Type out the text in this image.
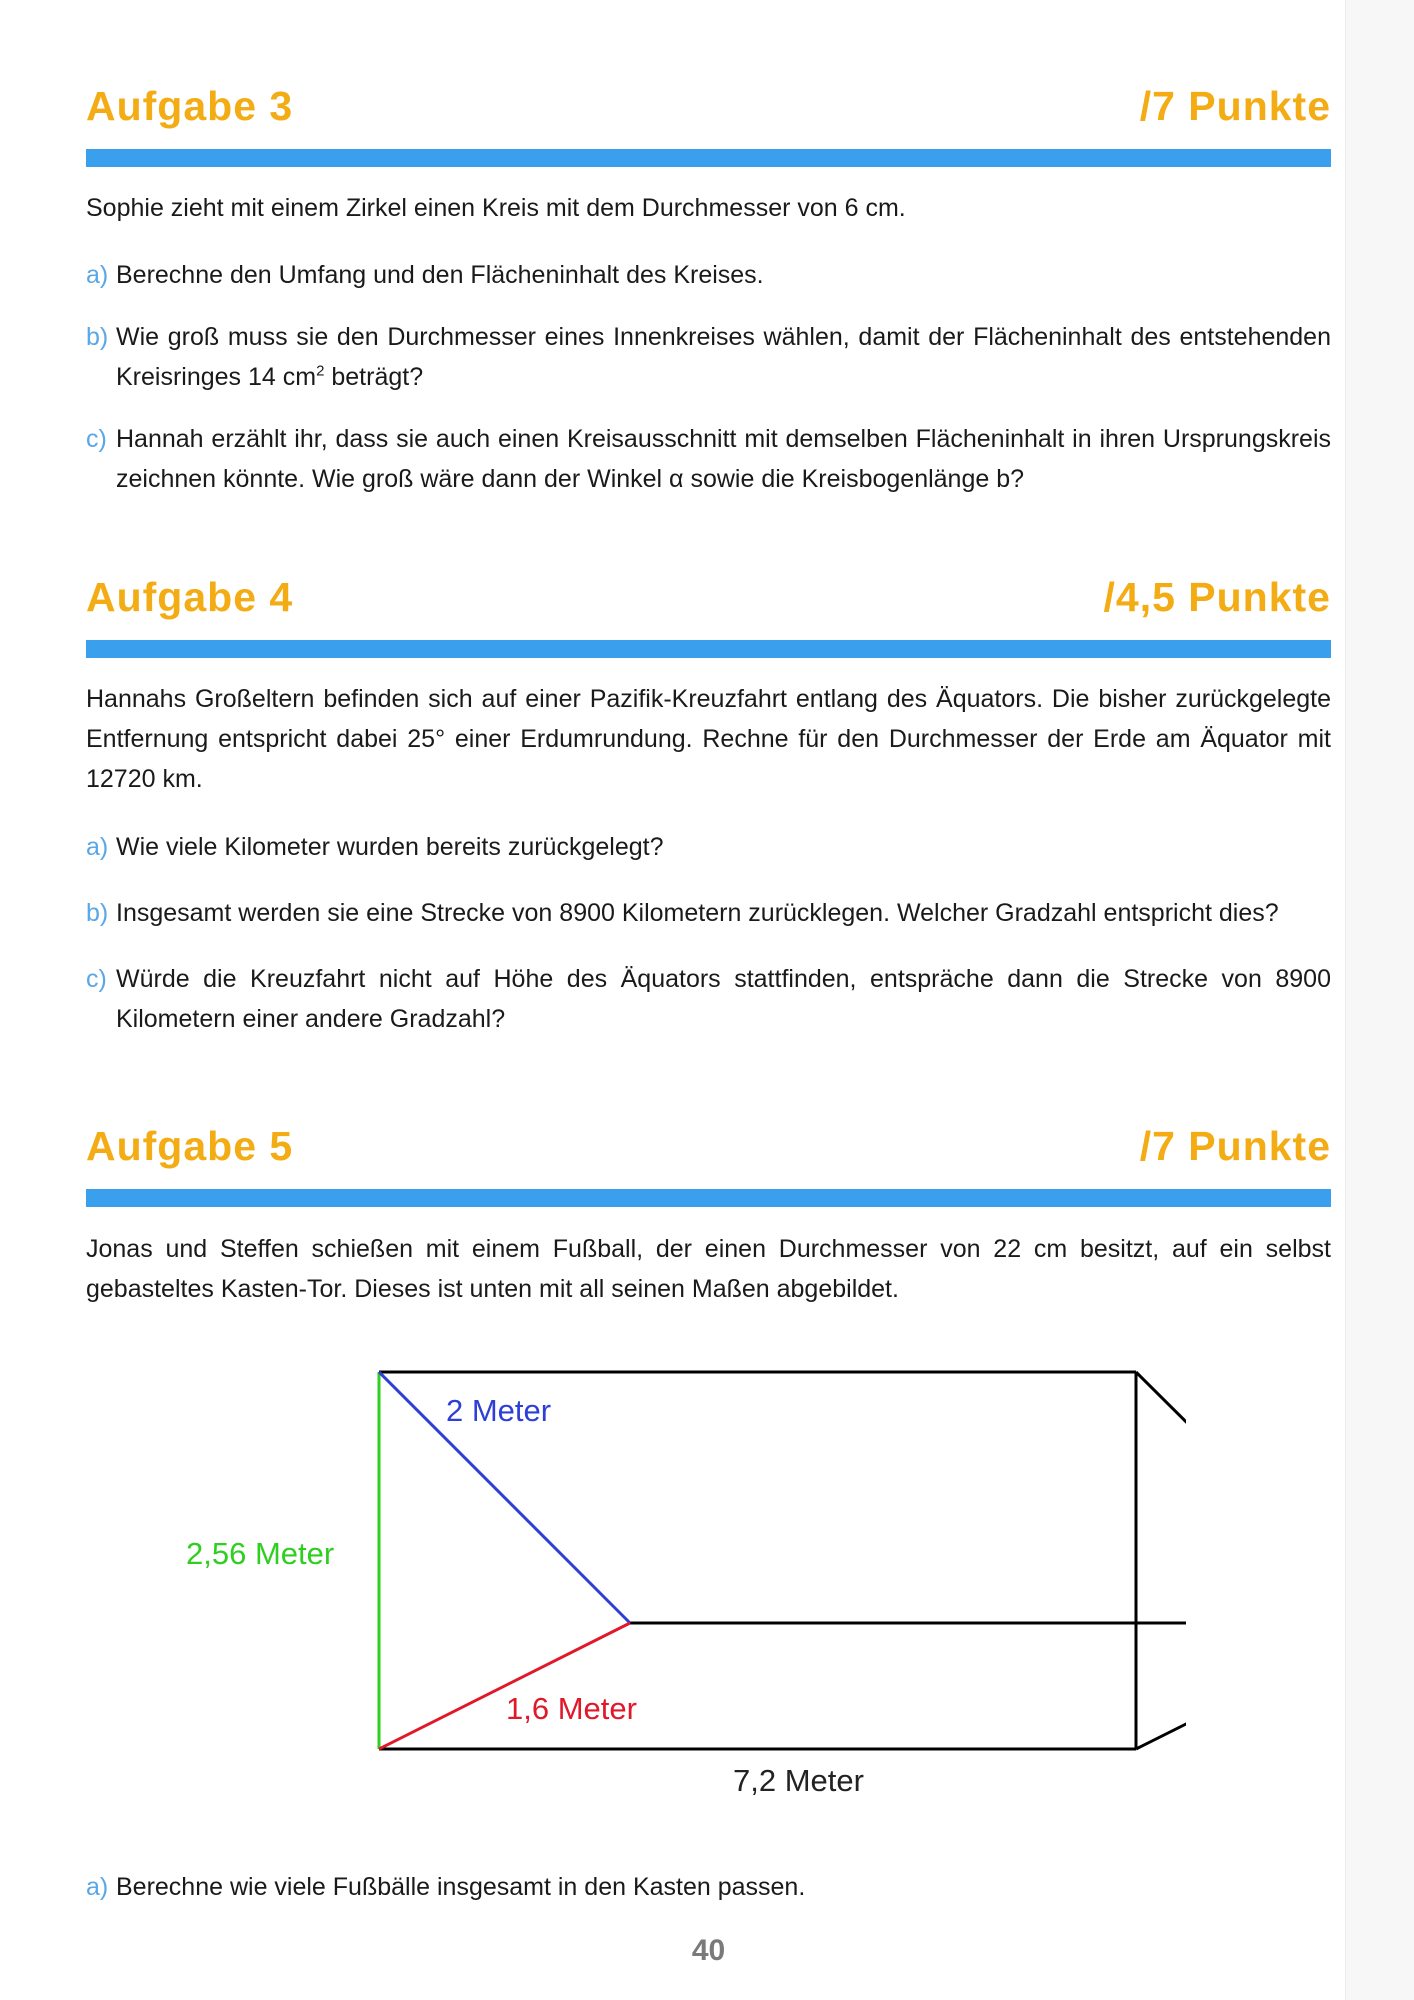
Aufgabe 3	/7 Punkte
Sophie zieht mit einem Zirkel einen Kreis mit dem Durchmesser von 6 cm.
a) Berechne den Umfang und den Flächeninhalt des Kreises.
b) Wie groß muss sie den Durchmesser eines Innenkreises wählen, damit der Flächeninhalt des entstehenden Kreisringes 14 $cm^2$ beträgt?
c) Hannah erzählt ihr, dass sie auch einen Kreisausschnitt mit demselben Flächeninhalt in ihren Ursprungskreis zeichnen könnte. Wie groß wäre dann der Winkel α sowie die Kreisbogenlänge b?
Aufgabe 4	/4,5 Punkte
Hannahs Großeltern befinden sich auf einer Pazifik-Kreuzfahrt entlang des Äquators. Die bisher zurückgelegte Entfernung entspricht dabei 25° einer Erdumrundung. Rechne für den Durchmesser der Erde am Äquator mit 12720 km.
a) Wie viele Kilometer wurden bereits zurückgelegt?
b) Insgesamt werden sie eine Strecke von 8900 Kilometern zurücklegen. Welcher Gradzahl entspricht dies?
c) Würde die Kreuzfahrt nicht auf Höhe des Äquators stattfinden, entspräche dann die Strecke von 8900 Kilometern einer andere Gradzahl?
Aufgabe 5	/7 Punkte
Jonas und Steffen schießen mit einem Fußball, der einen Durchmesser von 22 cm besitzt, auf ein selbst gebasteltes Kasten-Tor. Dieses ist unten mit all seinen Maßen abgebildet.
2 Meter
2,56 Meter
1,6 Meter
7,2 Meter
a) Berechne wie viele Fußbälle insgesamt in den Kasten passen.
40
